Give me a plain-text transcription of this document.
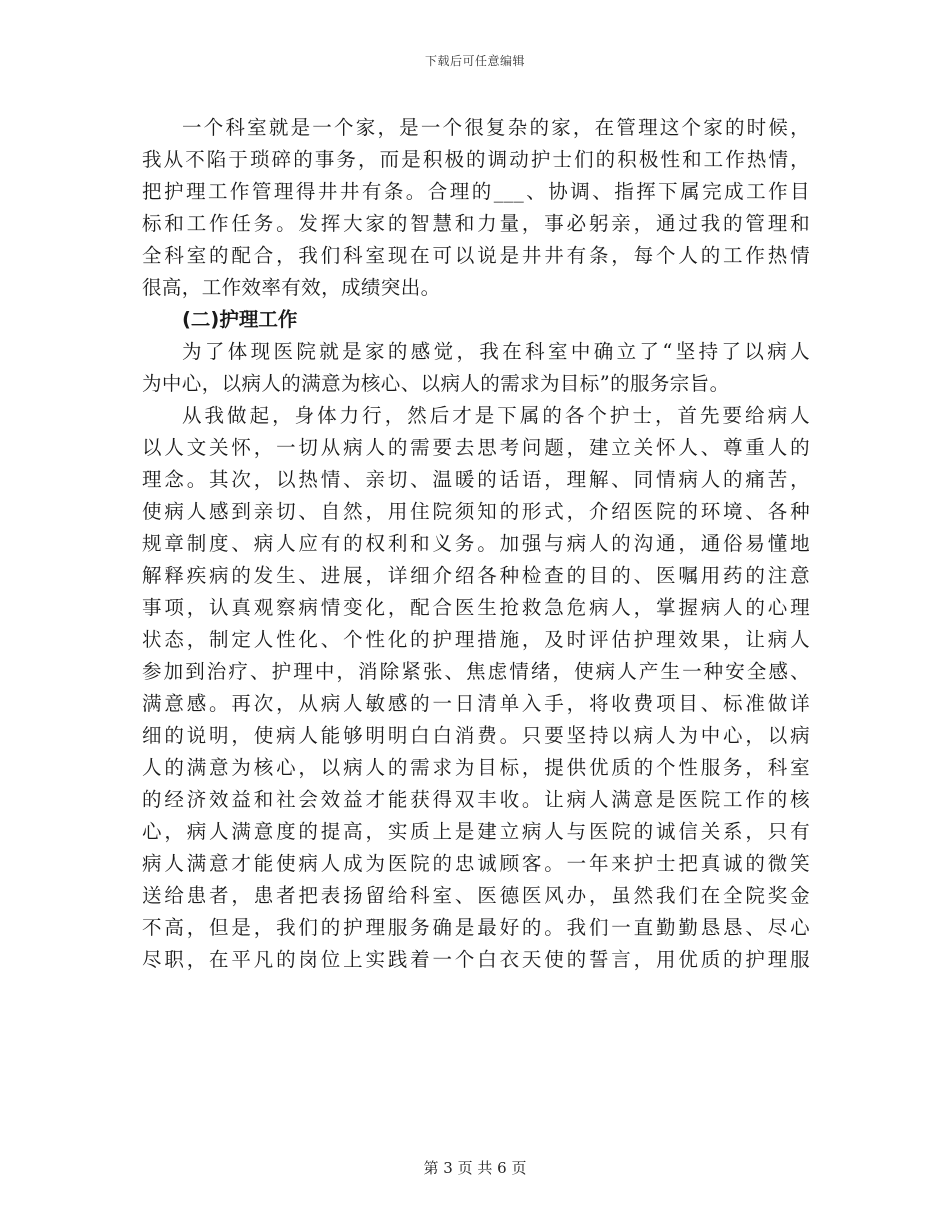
下载后可任意编辑
一个科室就是一个家，是一个很复杂的家，在管理这个家的时候，
我从不陷于琐碎的事务，而是积极的调动护士们的积极性和工作热情，
把护理工作管理得井井有条。合理的___、协调、指挥下属完成工作目
标和工作任务。发挥大家的智慧和力量，事必躬亲，通过我的管理和
全科室的配合，我们科室现在可以说是井井有条，每个人的工作热情
很高，工作效率有效，成绩突出。
(二)护理工作
为了体现医院就是家的感觉，我在科室中确立了“坚持了以病人
为中心，以病人的满意为核心、以病人的需求为目标”的服务宗旨。
从我做起，身体力行，然后才是下属的各个护士，首先要给病人
以人文关怀，一切从病人的需要去思考问题，建立关怀人、尊重人的
理念。其次，以热情、亲切、温暖的话语，理解、同情病人的痛苦，
使病人感到亲切、自然，用住院须知的形式，介绍医院的环境、各种
规章制度、病人应有的权利和义务。加强与病人的沟通，通俗易懂地
解释疾病的发生、进展，详细介绍各种检查的目的、医嘱用药的注意
事项，认真观察病情变化，配合医生抢救急危病人，掌握病人的心理
状态，制定人性化、个性化的护理措施，及时评估护理效果，让病人
参加到治疗、护理中，消除紧张、焦虑情绪，使病人产生一种安全感、
满意感。再次，从病人敏感的一日清单入手，将收费项目、标准做详
细的说明，使病人能够明明白白消费。只要坚持以病人为中心，以病
人的满意为核心，以病人的需求为目标，提供优质的个性服务，科室
的经济效益和社会效益才能获得双丰收。让病人满意是医院工作的核
心，病人满意度的提高，实质上是建立病人与医院的诚信关系，只有
病人满意才能使病人成为医院的忠诚顾客。一年来护士把真诚的微笑
送给患者，患者把表扬留给科室、医德医风办，虽然我们在全院奖金
不高，但是，我们的护理服务确是最好的。我们一直勤勤恳恳、尽心
尽职，在平凡的岗位上实践着一个白衣天使的誓言，用优质的护理服
第 3 页 共 6 页
